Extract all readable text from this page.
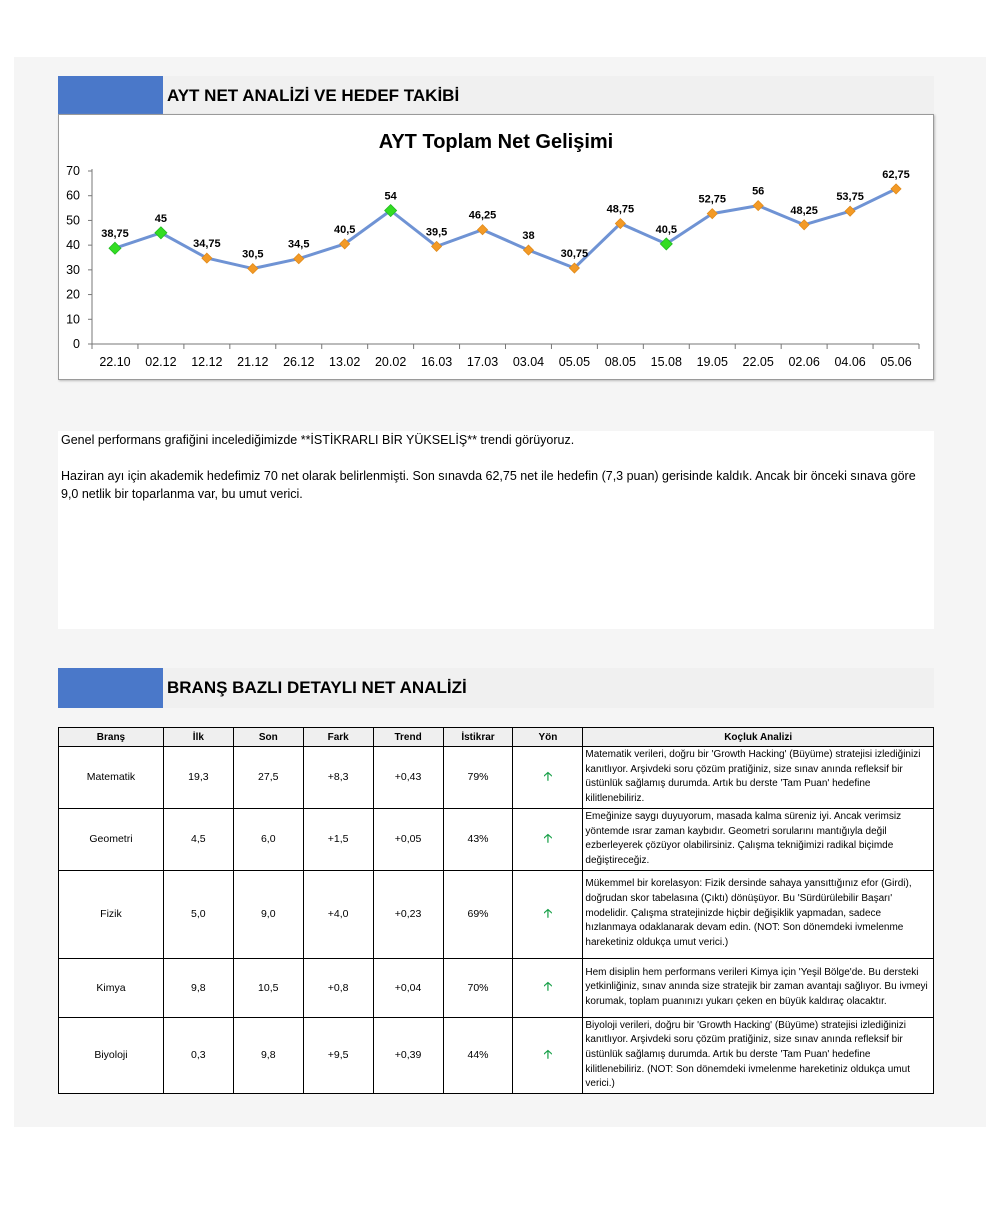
AYT NET ANALİZİ VE HEDEF TAKİBİ
AYT Toplam Net Gelişimi
0
10
20
30
40
50
60
70
22.10 02.12 12.12 21.12 26.12 13.02 20.02 16.03 17.03 03.04 05.05 08.05 15.08 19.05 22.05 02.06 04.06 05.06
38,75
45
34,75
30,5
34,5
40,5
54
39,5
46,25
38
30,75
48,75
40,5
52,75
56
48,25
53,75
62,75

Genel performans grafiğini incelediğimizde **İSTİKRARLI BİR YÜKSELİŞ** trendi görüyoruz.

Haziran ayı için akademik hedefimiz 70 net olarak belirlenmişti. Son sınavda 62,75 net ile hedefin (7,3 puan) gerisinde kaldık. Ancak bir önceki sınava göre 9,0 netlik bir toparlanma var, bu umut verici.

BRANŞ BAZLI DETAYLI NET ANALİZİ
Branş	İlk	Son	Fark	Trend	İstikrar	Yön	Koçluk Analizi
Matematik	19,3	27,5	+8,3	+0,43	79%	🡡	Matematik verileri, doğru bir 'Growth Hacking' (Büyüme) stratejisi izlediğinizi kanıtlıyor. Arşivdeki soru çözüm pratiğiniz, size sınav anında refleksif bir üstünlük sağlamış durumda. Artık bu derste 'Tam Puan' hedefine kilitlenebiliriz.
Geometri	4,5	6,0	+1,5	+0,05	43%	🡡	Emeğinize saygı duyuyorum, masada kalma süreniz iyi. Ancak verimsiz yöntemde ısrar zaman kaybıdır. Geometri sorularını mantığıyla değil ezberleyerek çözüyor olabilirsiniz. Çalışma tekniğimizi radikal biçimde değiştireceğiz.
Fizik	5,0	9,0	+4,0	+0,23	69%	🡡	Mükemmel bir korelasyon: Fizik dersinde sahaya yansıttığınız efor (Girdi), doğrudan skor tabelasına (Çıktı) dönüşüyor. Bu 'Sürdürülebilir Başarı' modelidir. Çalışma stratejinizde hiçbir değişiklik yapmadan, sadece hızlanmaya odaklanarak devam edin. (NOT: Son dönemdeki ivmelenme hareketiniz oldukça umut verici.)
Kimya	9,8	10,5	+0,8	+0,04	70%	🡡	Hem disiplin hem performans verileri Kimya için 'Yeşil Bölge'de. Bu dersteki yetkinliğiniz, sınav anında size stratejik bir zaman avantajı sağlıyor. Bu ivmeyi korumak, toplam puanınızı yukarı çeken en büyük kaldıraç olacaktır.
Biyoloji	0,3	9,8	+9,5	+0,39	44%	🡡	Biyoloji verileri, doğru bir 'Growth Hacking' (Büyüme) stratejisi izlediğinizi kanıtlıyor. Arşivdeki soru çözüm pratiğiniz, size sınav anında refleksif bir üstünlük sağlamış durumda. Artık bu derste 'Tam Puan' hedefine kilitlenebiliriz. (NOT: Son dönemdeki ivmelenme hareketiniz oldukça umut verici.)
